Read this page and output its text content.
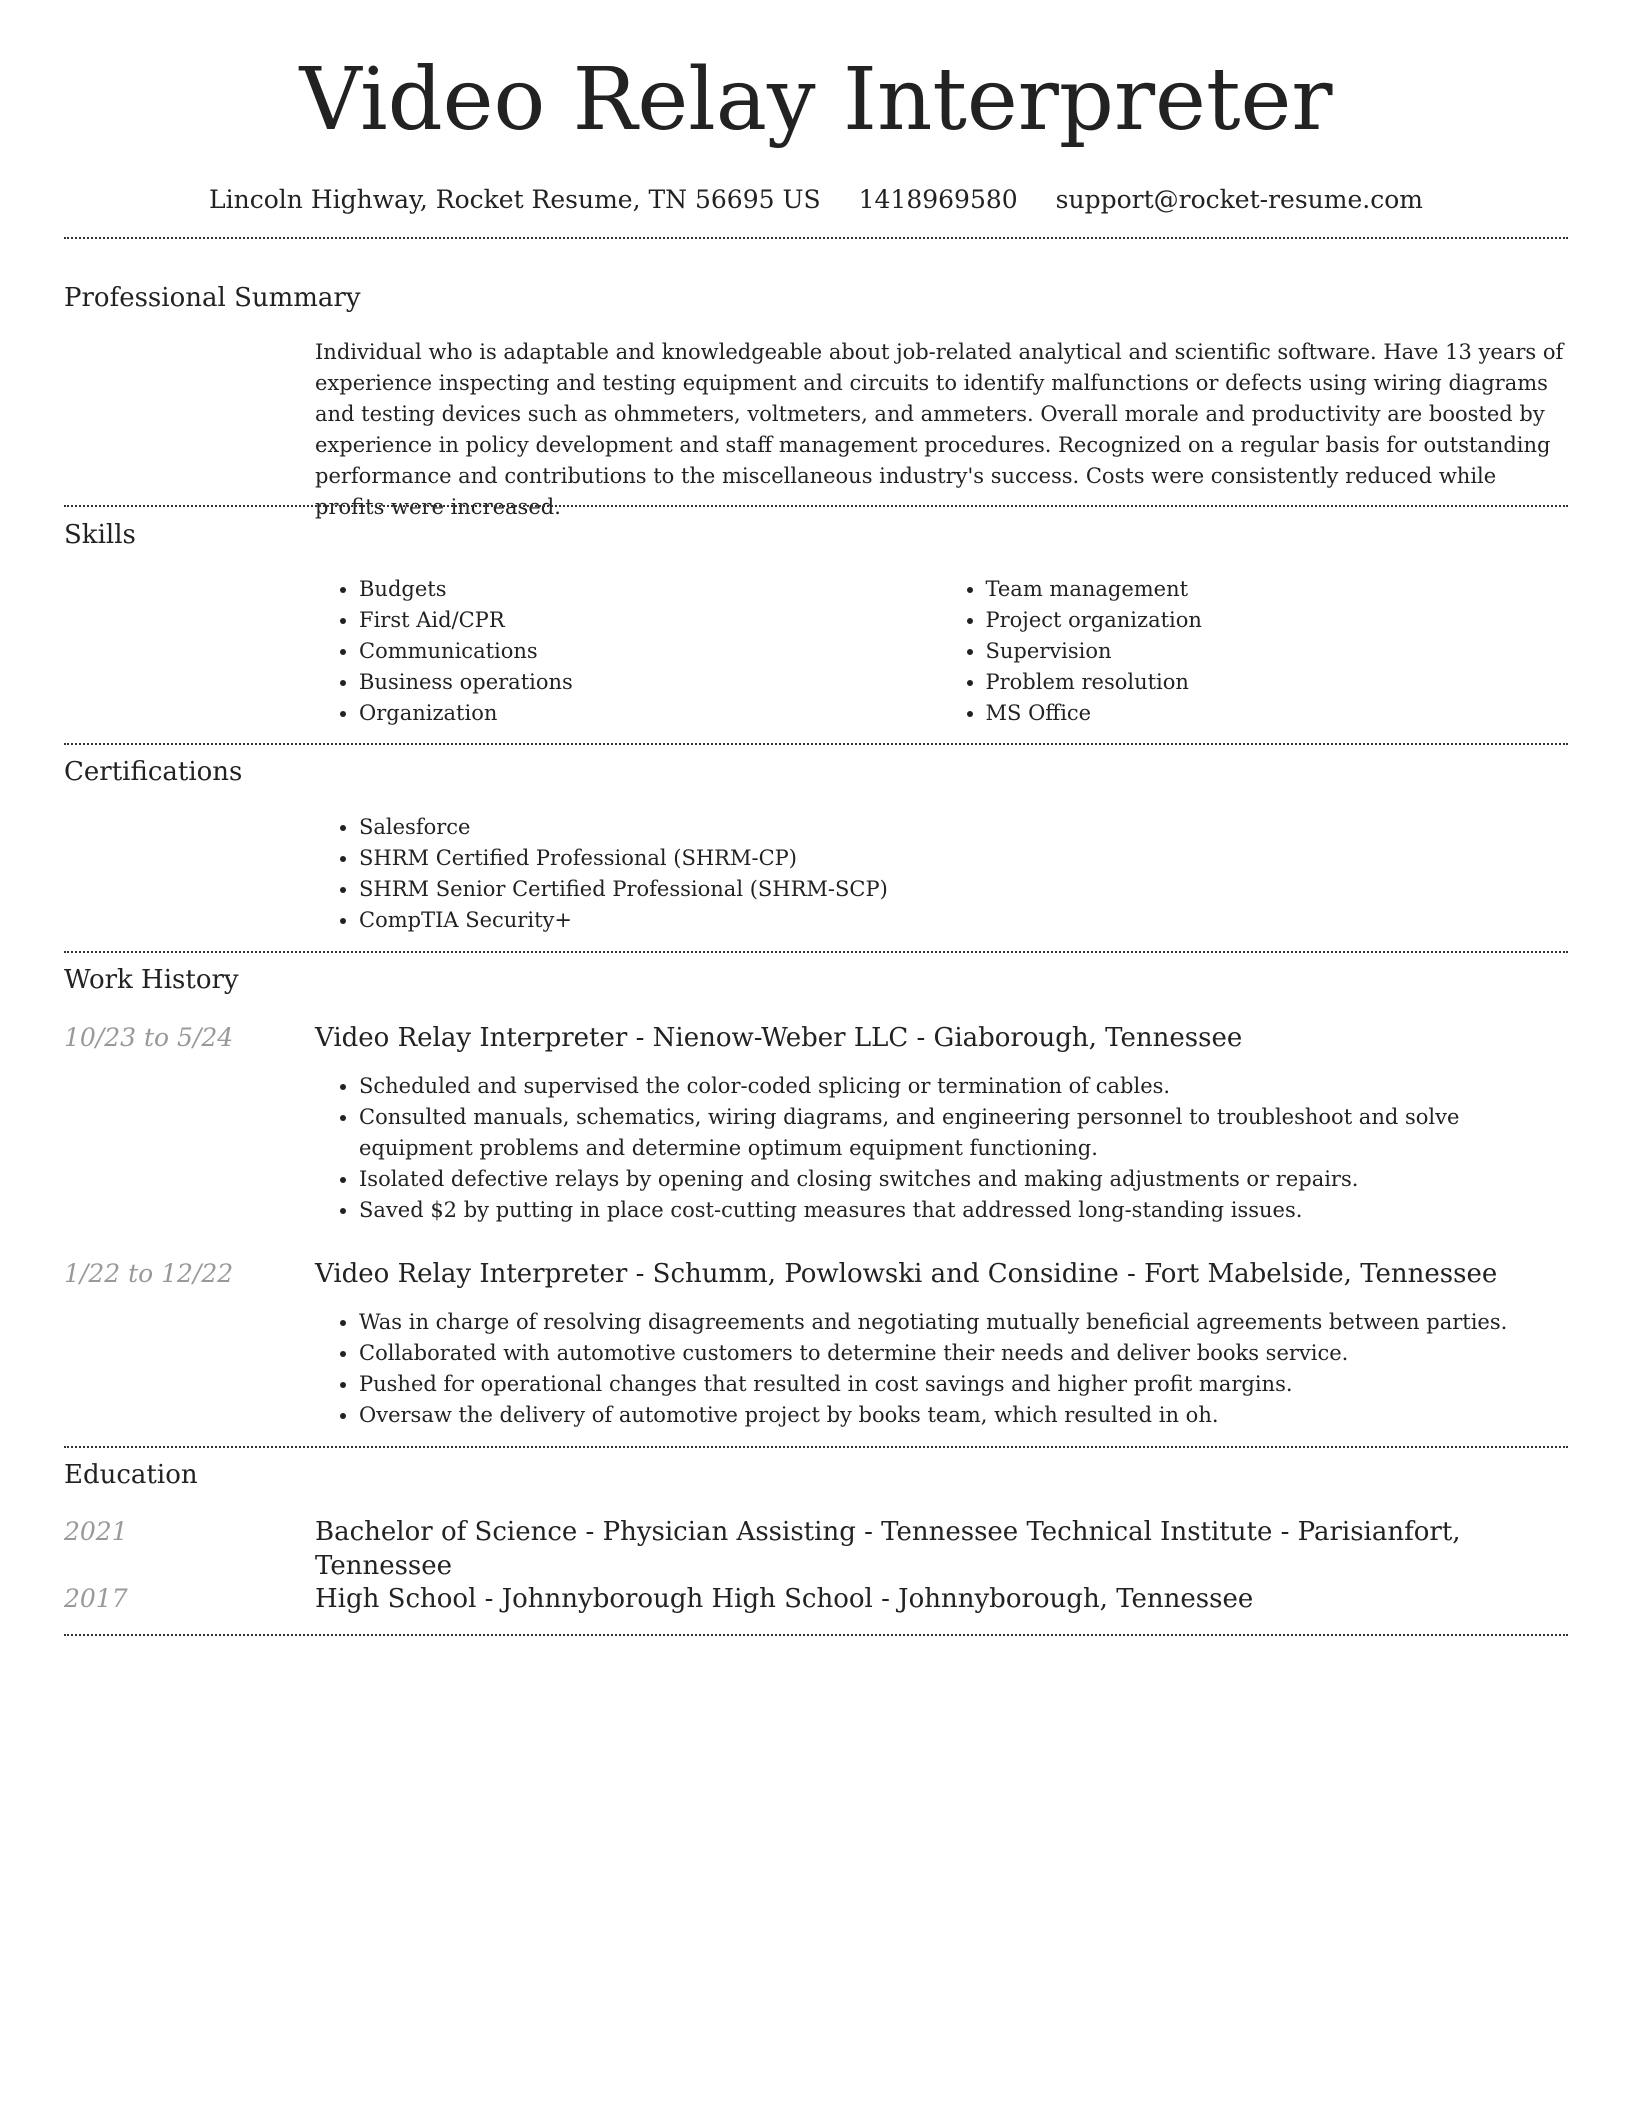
Video Relay Interpreter
Lincoln Highway, Rocket Resume, TN 56695 US 1418969580 support@rocket-resume.com
Professional Summary

Individual who is adaptable and knowledgeable about job-related analytical and scientific software. Have 13 years of experience inspecting and testing equipment and circuits to identify malfunctions or defects using wiring diagrams and testing devices such as ohmmeters, voltmeters, and ammeters. Overall morale and productivity are boosted by experience in policy development and staff management procedures. Recognized on a regular basis for outstanding performance and contributions to the miscellaneous industry's success. Costs were consistently reduced while profits were increased.

Skills
• Budgets
• First Aid/CPR
• Communications
• Business operations
• Organization
• Team management
• Project organization
• Supervision
• Problem resolution
• MS Office
Certifications
• Salesforce
• SHRM Certified Professional (SHRM-CP)
• SHRM Senior Certified Professional (SHRM-SCP)
• CompTIA Security+
Work History
10/23 to 5/24	Video Relay Interpreter - Nienow-Weber LLC - Giaborough, Tennessee
• Scheduled and supervised the color-coded splicing or termination of cables.
• Consulted manuals, schematics, wiring diagrams, and engineering personnel to troubleshoot and solve equipment problems and determine optimum equipment functioning.
• Isolated defective relays by opening and closing switches and making adjustments or repairs.
• Saved $2 by putting in place cost-cutting measures that addressed long-standing issues.
1/22 to 12/22	Video Relay Interpreter - Schumm, Powlowski and Considine - Fort Mabelside, Tennessee
• Was in charge of resolving disagreements and negotiating mutually beneficial agreements between parties.
• Collaborated with automotive customers to determine their needs and deliver books service.
• Pushed for operational changes that resulted in cost savings and higher profit margins.
• Oversaw the delivery of automotive project by books team, which resulted in oh.
Education
2021	Bachelor of Science - Physician Assisting - Tennessee Technical Institute - Parisianfort, Tennessee
2017	High School - Johnnyborough High School - Johnnyborough, Tennessee
